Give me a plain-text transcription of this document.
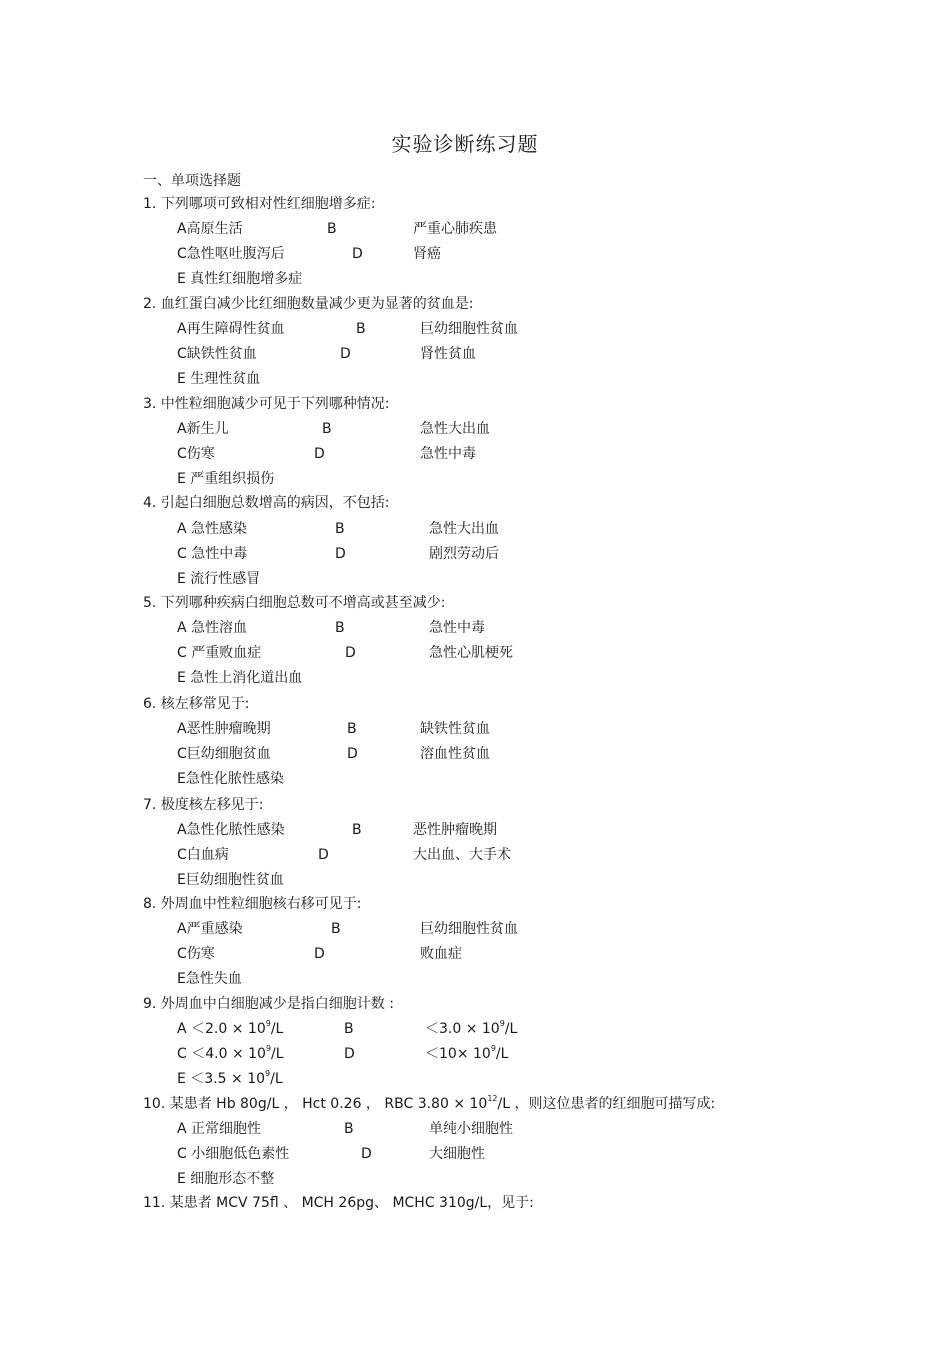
实验诊断练习题
一、单项选择题
1. 下列哪项可致相对性红细胞增多症:
A高原生活	B	严重心肺疾患
C急性呕吐腹泻后	D	肾癌
E 真性红细胞增多症
2. 血红蛋白减少比红细胞数量减少更为显著的贫血是:
A再生障碍性贫血	B	巨幼细胞性贫血
C缺铁性贫血	D	肾性贫血
E 生理性贫血
3. 中性粒细胞减少可见于下列哪种情况:
A新生儿	B	急性大出血
C伤寒	D	急性中毒
E 严重组织损伤
4. 引起白细胞总数增高的病因，不包括:
A 急性感染	B	急性大出血
C 急性中毒	D	剧烈劳动后
E 流行性感冒
5. 下列哪种疾病白细胞总数可不增高或甚至减少:
A 急性溶血	B	急性中毒
C 严重败血症	D	急性心肌梗死
E 急性上消化道出血
6. 核左移常见于:
A恶性肿瘤晚期	B	缺铁性贫血
C巨幼细胞贫血	D	溶血性贫血
E急性化脓性感染
7. 极度核左移见于:
A急性化脓性感染	B	恶性肿瘤晚期
C白血病	D	大出血、大手术
E巨幼细胞性贫血
8. 外周血中性粒细胞核右移可见于:
A严重感染	B	巨幼细胞性贫血
C伤寒	D	败血症
E急性失血
9. 外周血中白细胞减少是指白细胞计数 :
$A <2.0 \times 10^9/L$	B	$<3.0 \times 10^9/L$
$C <4.0 \times 10^9/L$	D	$<10\times 10^9/L$
$E <3.5 \times 10^9/L$
10. 某患者 Hb 80g/L ， Hct 0.26 ， RBC $3.80 \times 10^{12}/L$ ，则这位患者的红细胞可描写成:
A 正常细胞性	B	单纯小细胞性
C 小细胞低色素性	D	大细胞性
E 细胞形态不整
11. 某患者 MCV 75fl 、 MCH 26pg、 MCHC 310g/L，见于:
